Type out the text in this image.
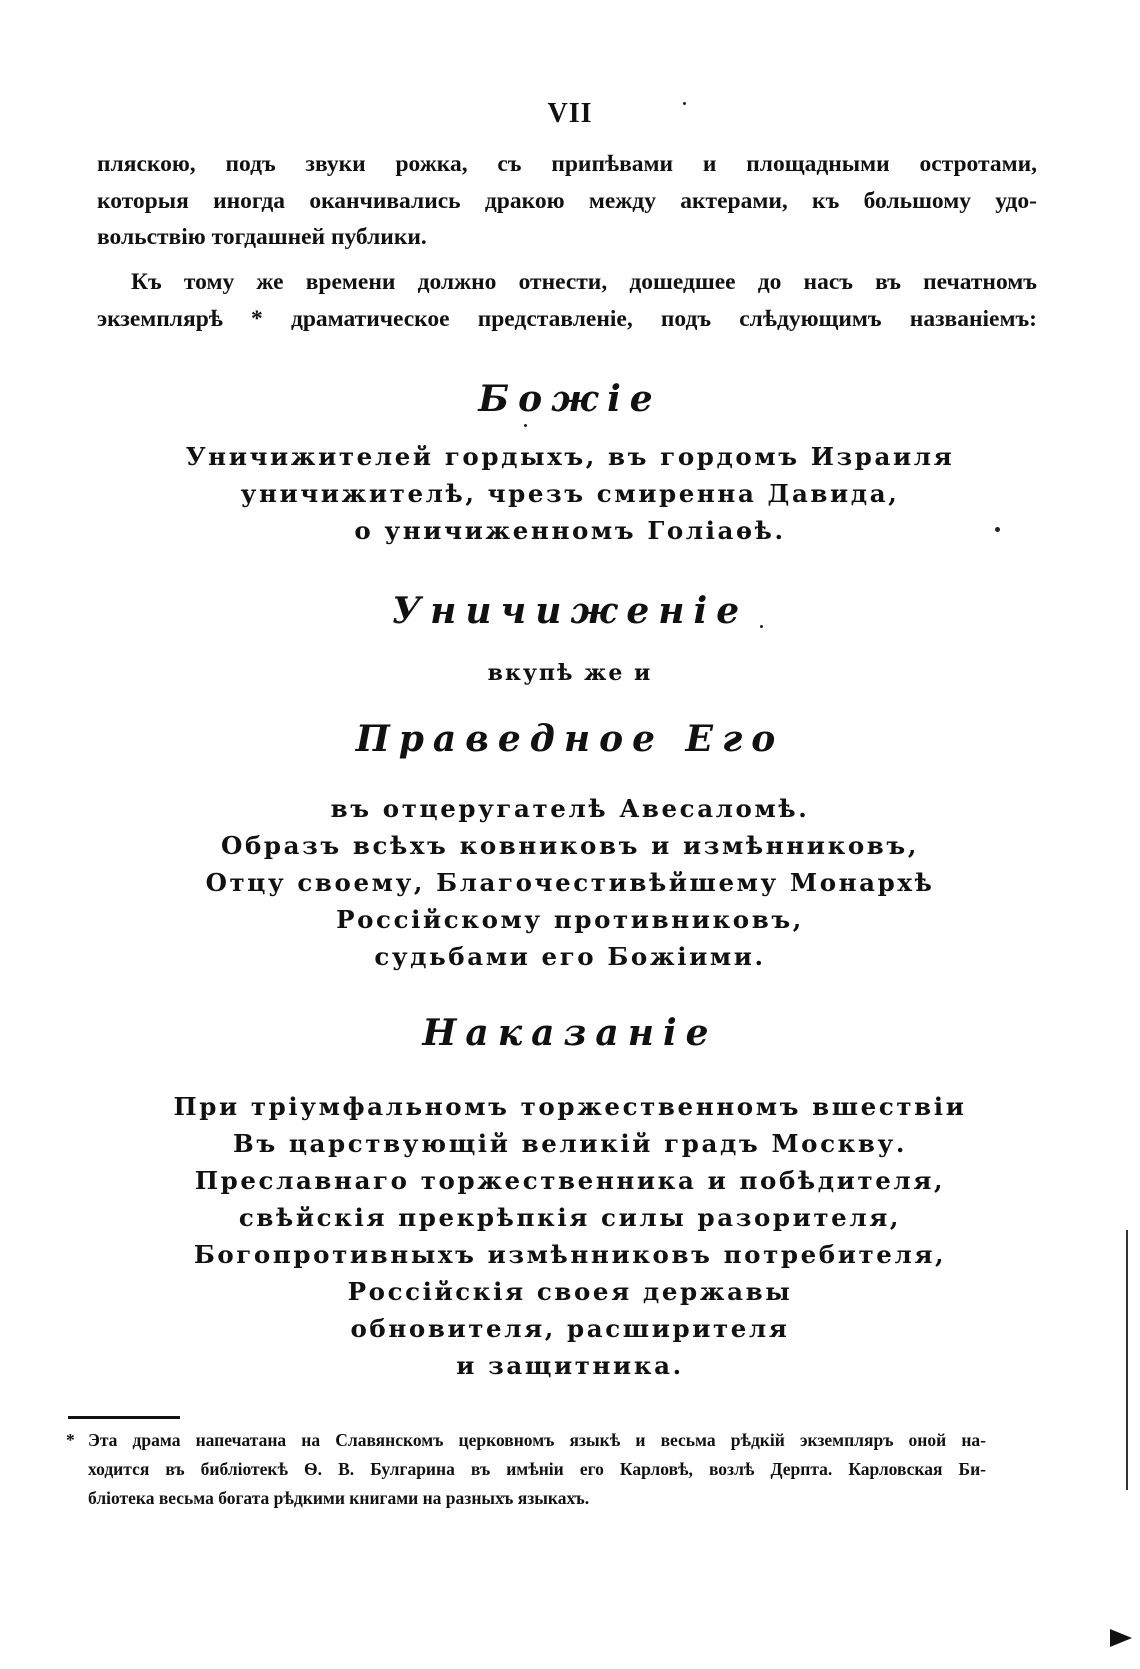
VII
пляскою, подъ звуки рожка, съ припѣвами и площадными остротами,
которыя иногда оканчивались дракою между актерами, къ большому удо-
вольствію тогдашней публики.
Къ тому же времени должно отнести, дошедшее до насъ въ печатномъ
экземплярѣ * драматическое представленіе, подъ слѣдующимъ названіемъ:
Божіе
Уничижителей гордыхъ, въ гордомъ Израиля
уничижителѣ, чрезъ смиренна Давида,
о уничиженномъ Голіаѳѣ.
Уничиженіе
вкупѣ же и
Праведное Его
въ отцеругателѣ Авесаломѣ.
Образъ всѣхъ ковниковъ и измѣнниковъ,
Отцу своему, Благочестивѣйшему Монархѣ
Россійскому противниковъ,
судьбами его Божіими.
Наказаніе
При тріумфальномъ торжественномъ вшествіи
Въ царствующій великій градъ Москву.
Преславнаго торжественника и побѣдителя,
свѣйскія прекрѣпкія силы разорителя,
Богопротивныхъ измѣнниковъ потребителя,
Россійскія своея державы
обновителя, расширителя
и защитника.
* Эта драма напечатана на Славянскомъ церковномъ языкѣ и весьма рѣдкій экземпляръ оной на-
ходится въ библіотекѣ Ѳ. В. Булгарина въ имѣніи его Карловѣ, возлѣ Дерпта. Карловская Би-
бліотека весьма богата рѣдкими книгами на разныхъ языкахъ.
